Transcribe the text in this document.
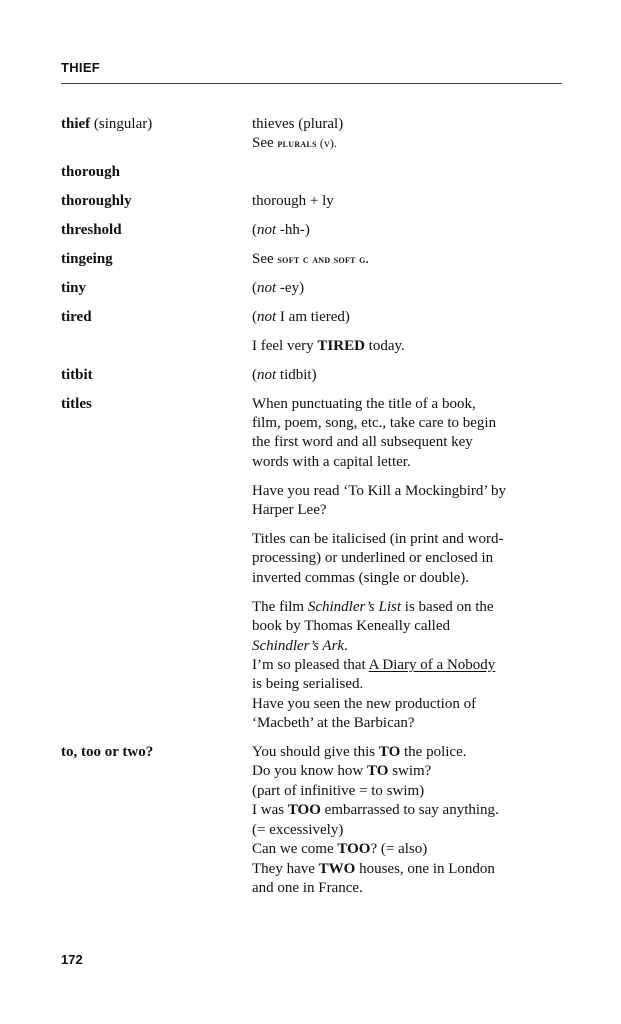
THIEF
thief (singular)	thieves (plural)
See plurals (v).

thorough
thoroughly	thorough + ly

threshold	(not -hh-)

tingeing	See soft c and soft g.

tiny	(not -ey)

tired	(not I am tiered)

I feel very TIRED today.

titbit	(not tidbit)

titles	When punctuating the title of a book,
film, poem, song, etc., take care to begin
the first word and all subsequent key
words with a capital letter.

Have you read ‘To Kill a Mockingbird’ by
Harper Lee?

Titles can be italicised (in print and word-
processing) or underlined or enclosed in
inverted commas (single or double).

The film Schindler’s List is based on the
book by Thomas Keneally called
Schindler’s Ark.
I’m so pleased that A Diary of a Nobody
is being serialised.
Have you seen the new production of
‘Macbeth’ at the Barbican?

to, too or two?	You should give this TO the police.
Do you know how TO swim?
(part of infinitive = to swim)
I was TOO embarrassed to say anything.
(= excessively)
Can we come TOO? (= also)
They have TWO houses, one in London
and one in France.

172
